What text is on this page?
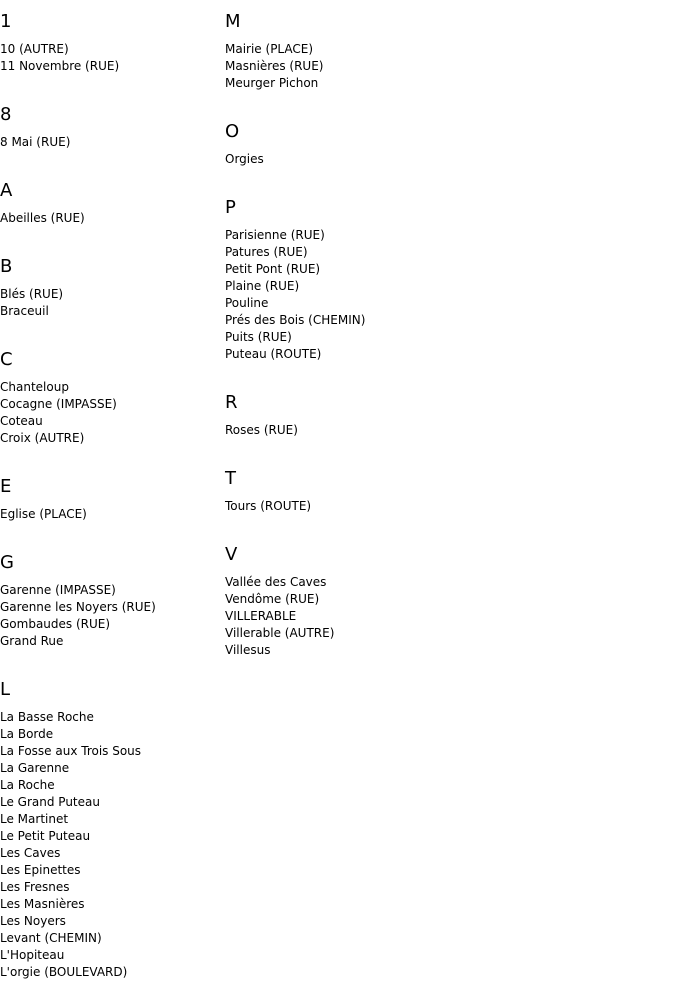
1
10 (AUTRE)
11 Novembre (RUE)
8
8 Mai (RUE)
A
Abeilles (RUE)
B
Blés (RUE)
Braceuil
C
Chanteloup
Cocagne (IMPASSE)
Coteau
Croix (AUTRE)
E
Eglise (PLACE)
G
Garenne (IMPASSE)
Garenne les Noyers (RUE)
Gombaudes (RUE)
Grand Rue
L
La Basse Roche
La Borde
La Fosse aux Trois Sous
La Garenne
La Roche
Le Grand Puteau
Le Martinet
Le Petit Puteau
Les Caves
Les Epinettes
Les Fresnes
Les Masnières
Les Noyers
Levant (CHEMIN)
L'Hopiteau
L'orgie (BOULEVARD)
M
Mairie (PLACE)
Masnières (RUE)
Meurger Pichon
O
Orgies
P
Parisienne (RUE)
Patures (RUE)
Petit Pont (RUE)
Plaine (RUE)
Pouline
Prés des Bois (CHEMIN)
Puits (RUE)
Puteau (ROUTE)
R
Roses (RUE)
T
Tours (ROUTE)
V
Vallée des Caves
Vendôme (RUE)
VILLERABLE
Villerable (AUTRE)
Villesus
